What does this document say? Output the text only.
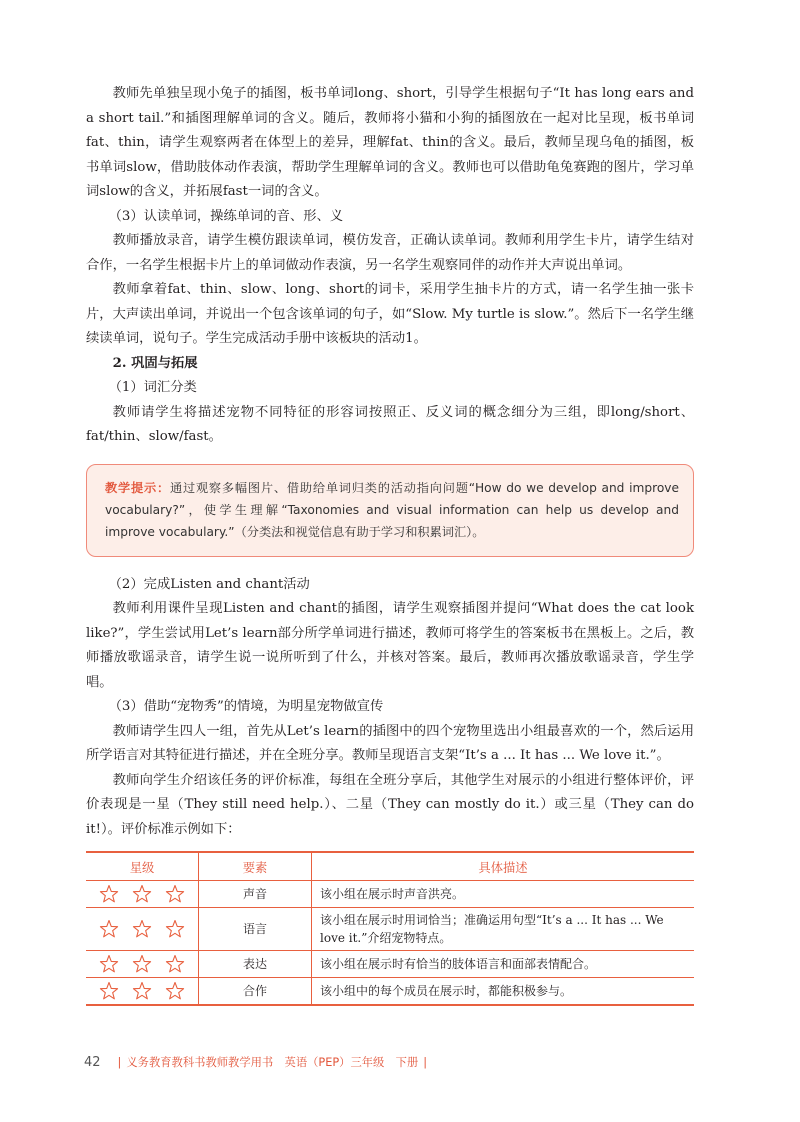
教师先单独呈现小兔子的插图，板书单词long、short，引导学生根据句子“It has long ears and a short tail.”和插图理解单词的含义。随后，教师将小猫和小狗的插图放在一起对比呈现，板书单词fat、thin，请学生观察两者在体型上的差异，理解fat、thin的含义。最后，教师呈现乌龟的插图，板书单词slow，借助肢体动作表演，帮助学生理解单词的含义。教师也可以借助龟兔赛跑的图片，学习单词slow的含义，并拓展fast一词的含义。

（3）认读单词，操练单词的音、形、义

教师播放录音，请学生模仿跟读单词，模仿发音，正确认读单词。教师利用学生卡片，请学生结对合作，一名学生根据卡片上的单词做动作表演，另一名学生观察同伴的动作并大声说出单词。

教师拿着fat、thin、slow、long、short的词卡，采用学生抽卡片的方式，请一名学生抽一张卡片，大声读出单词，并说出一个包含该单词的句子，如“Slow. My turtle is slow.”。然后下一名学生继续读单词，说句子。学生完成活动手册中该板块的活动1。

2. 巩固与拓展

（1）词汇分类

教师请学生将描述宠物不同特征的形容词按照正、反义词的概念细分为三组，即long/short、fat/thin、slow/fast。

教学提示：通过观察多幅图片、借助给单词归类的活动指向问题“How do we develop and improve vocabulary?”，使学生理解“Taxonomies and visual information can help us develop and improve vocabulary.”（分类法和视觉信息有助于学习和积累词汇）。

（2）完成Listen and chant活动

教师利用课件呈现Listen and chant的插图，请学生观察插图并提问“What does the cat look like?”，学生尝试用Let’s learn部分所学单词进行描述，教师可将学生的答案板书在黑板上。之后，教师播放歌谣录音，请学生说一说所听到了什么，并核对答案。最后，教师再次播放歌谣录音，学生学唱。

（3）借助“宠物秀”的情境，为明星宠物做宣传

教师请学生四人一组，首先从Let’s learn的插图中的四个宠物里选出小组最喜欢的一个，然后运用所学语言对其特征进行描述，并在全班分享。教师呈现语言支架“It’s a ... It has ... We love it.”。

教师向学生介绍该任务的评价标准，每组在全班分享后，其他学生对展示的小组进行整体评价，评价表现是一星（They still need help.）、二星（They can mostly do it.）或三星（They can do it!）。评价标准示例如下：

星级	要素	具体描述

	声音	该小组在展示时声音洪亮。

	语言	该小组在展示时用词恰当；准确运用句型“It’s a ... It has ... We love it.”介绍宠物特点。

	表达	该小组在展示时有恰当的肢体语言和面部表情配合。

	合作	该小组中的每个成员在展示时，都能积极参与。
42 | 义务教育教科书教师教学用书　英语（PEP）三年级　下册 |
